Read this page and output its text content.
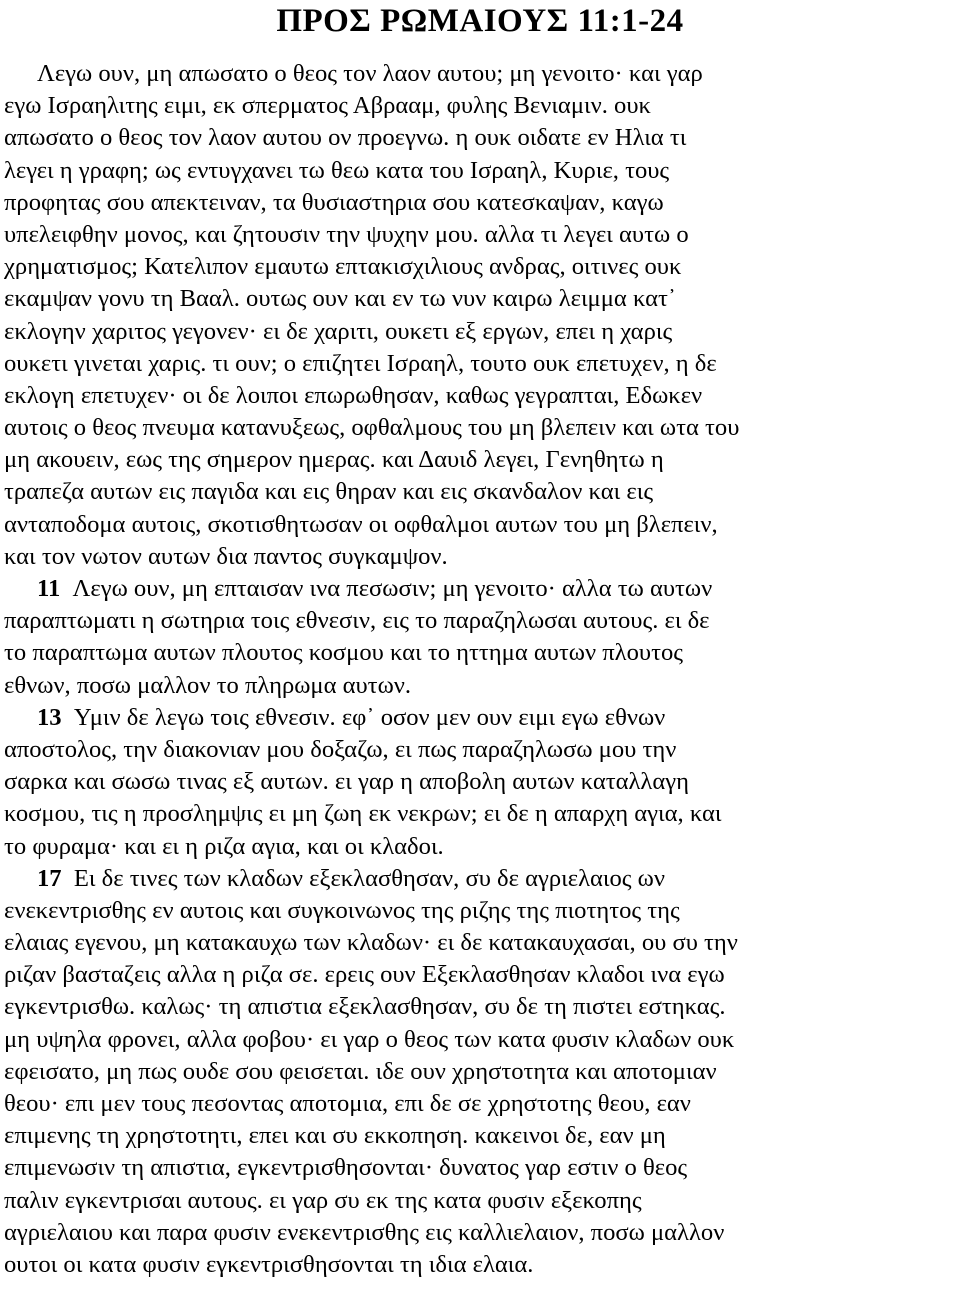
ΠΡΟΣ ΡΩΜΑΙΟΥΣ 11:1-24
Λεγω ουν, μη απωσατο ο θεος τον λαον αυτου; μη γενοιτο· και γαρ
εγω Ισραηλιτης ειμι, εκ σπερματος Αβρααμ, φυλης Βενιαμιν. ουκ
απωσατο ο θεος τον λαον αυτου ον προεγνω. η ουκ οιδατε εν Ηλια τι
λεγει η γραφη; ως εντυγχανει τω θεω κατα του Ισραηλ, Κυριε, τους
προφητας σου απεκτειναν, τα θυσιαστηρια σου κατεσκαψαν, καγω
υπελειφθην μονος, και ζητουσιν την ψυχην μου. αλλα τι λεγει αυτω ο
χρηματισμος; Κατελιπον εμαυτω επτακισχιλιους ανδρας, οιτινες ουκ
εκαμψαν γονυ τη Βααλ. ουτως ουν και εν τω νυν καιρω λειμμα κατ᾽
εκλογην χαριτος γεγονεν· ει δε χαριτι, ουκετι εξ εργων, επει η χαρις
ουκετι γινεται χαρις. τι ουν; ο επιζητει Ισραηλ, τουτο ουκ επετυχεν, η δε
εκλογη επετυχεν· οι δε λοιποι επωρωθησαν, καθως γεγραπται, Εδωκεν
αυτοις ο θεος πνευμα κατανυξεως, οφθαλμους του μη βλεπειν και ωτα του
μη ακουειν, εως της σημερον ημερας. και Δαυιδ λεγει, Γενηθητω η
τραπεζα αυτων εις παγιδα και εις θηραν και εις σκανδαλον και εις
ανταποδομα αυτοις, σκοτισθητωσαν οι οφθαλμοι αυτων του μη βλεπειν,
και τον νωτον αυτων δια παντος συγκαμψον.
11 Λεγω ουν, μη επταισαν ινα πεσωσιν; μη γενοιτο· αλλα τω αυτων
παραπτωματι η σωτηρια τοις εθνεσιν, εις το παραζηλωσαι αυτους. ει δε
το παραπτωμα αυτων πλουτος κοσμου και το ηττημα αυτων πλουτος
εθνων, ποσω μαλλον το πληρωμα αυτων.
13 Υμιν δε λεγω τοις εθνεσιν. εφ᾽ οσον μεν ουν ειμι εγω εθνων
αποστολος, την διακονιαν μου δοξαζω, ει πως παραζηλωσω μου την
σαρκα και σωσω τινας εξ αυτων. ει γαρ η αποβολη αυτων καταλλαγη
κοσμου, τις η προσλημψις ει μη ζωη εκ νεκρων; ει δε η απαρχη αγια, και
το φυραμα· και ει η ριζα αγια, και οι κλαδοι.
17 Ει δε τινες των κλαδων εξεκλασθησαν, συ δε αγριελαιος ων
ενεκεντρισθης εν αυτοις και συγκοινωνος της ριζης της πιοτητος της
ελαιας εγενου, μη κατακαυχω των κλαδων· ει δε κατακαυχασαι, ου συ την
ριζαν βασταζεις αλλα η ριζα σε. ερεις ουν Εξεκλασθησαν κλαδοι ινα εγω
εγκεντρισθω. καλως· τη απιστια εξεκλασθησαν, συ δε τη πιστει εστηκας.
μη υψηλα φρονει, αλλα φοβου· ει γαρ ο θεος των κατα φυσιν κλαδων ουκ
εφεισατο, μη πως ουδε σου φεισεται. ιδε ουν χρηστοτητα και αποτομιαν
θεου· επι μεν τους πεσοντας αποτομια, επι δε σε χρηστοτης θεου, εαν
επιμενης τη χρηστοτητι, επει και συ εκκοπηση. κακεινοι δε, εαν μη
επιμενωσιν τη απιστια, εγκεντρισθησονται· δυνατος γαρ εστιν ο θεος
παλιν εγκεντρισαι αυτους. ει γαρ συ εκ της κατα φυσιν εξεκοπης
αγριελαιου και παρα φυσιν ενεκεντρισθης εις καλλιελαιον, ποσω μαλλον
ουτοι οι κατα φυσιν εγκεντρισθησονται τη ιδια ελαια.
